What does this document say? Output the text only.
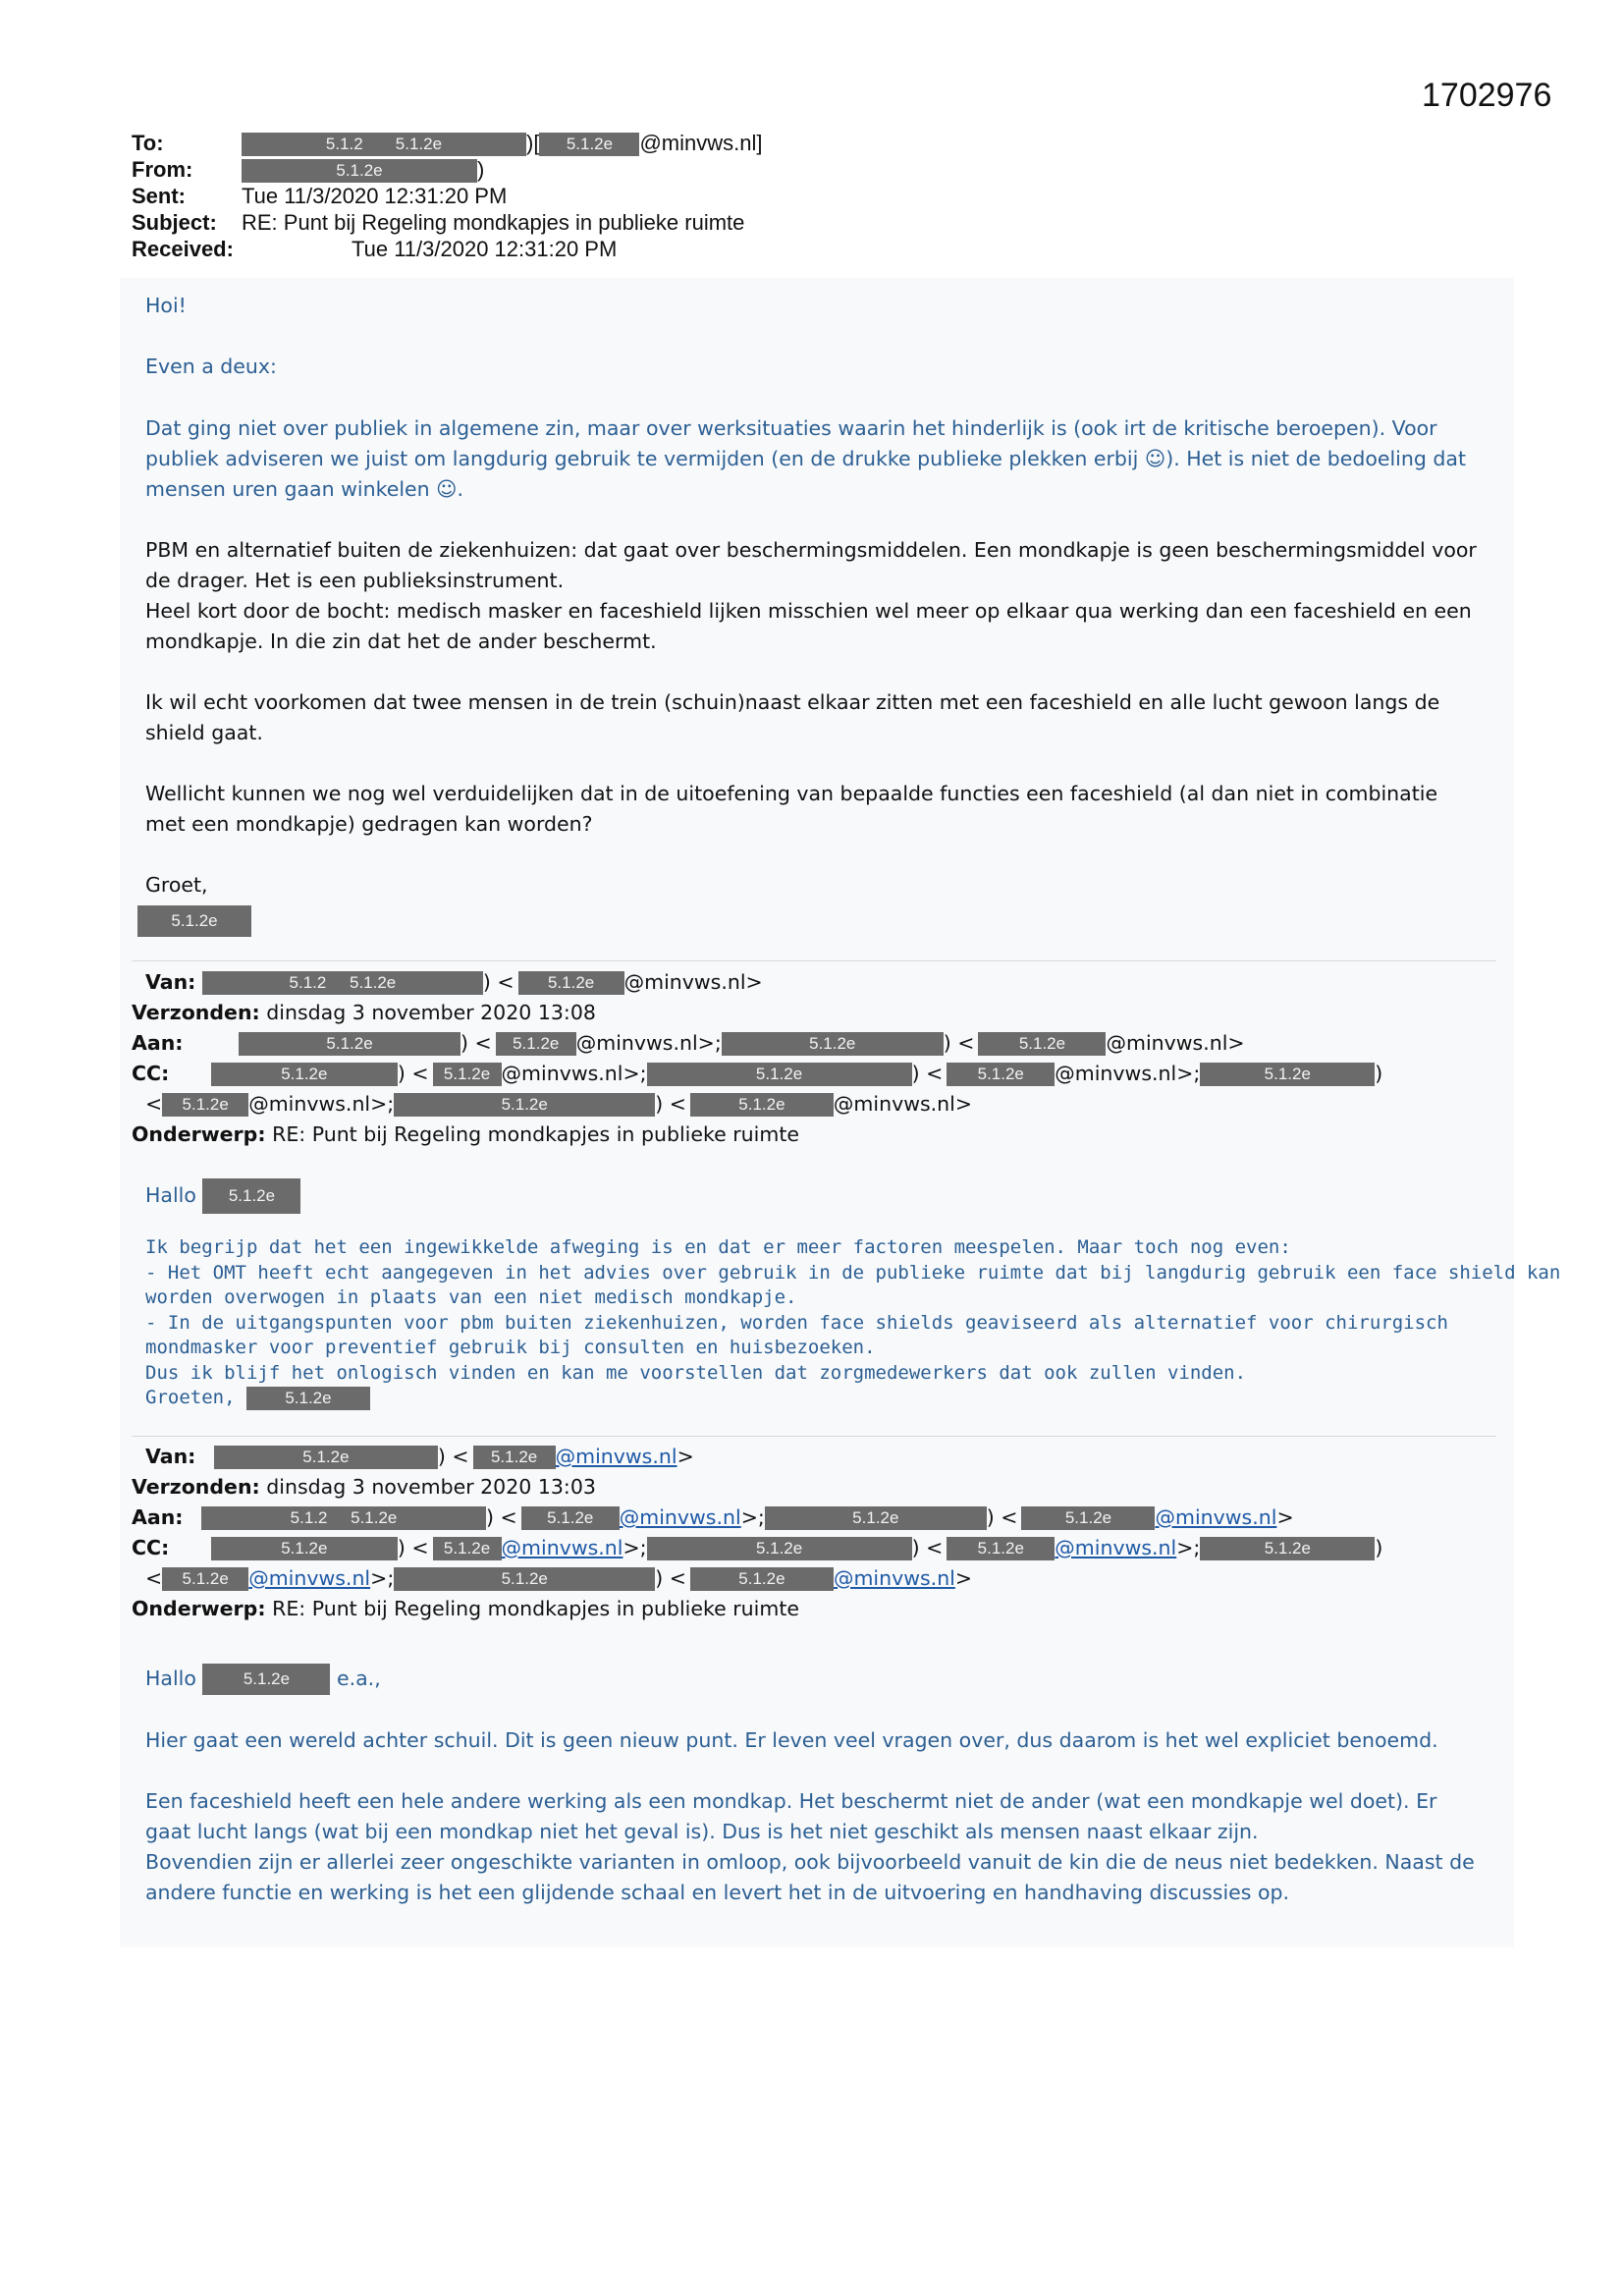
1702976
To:	5.1.2 5.1.2e	)[ 5.1.2e @minvws.nl]
From:	5.1.2e	)
Sent:	Tue 11/3/2020 12:31:20 PM
Subject: RE: Punt bij Regeling mondkapjes in publieke ruimte
Received:	Tue 11/3/2020 12:31:20 PM
Hoi!
Even a deux:
Dat ging niet over publiek in algemene zin, maar over werksituaties waarin het hinderlijk is (ook irt de kritische beroepen). Voor
publiek adviseren we juist om langdurig gebruik te vermijden (en de drukke publieke plekken erbij ☺). Het is niet de bedoeling dat
mensen uren gaan winkelen ☺.
PBM en alternatief buiten de ziekenhuizen: dat gaat over beschermingsmiddelen. Een mondkapje is geen beschermingsmiddel voor
de drager. Het is een publieksinstrument.
Heel kort door de bocht: medisch masker en faceshield lijken misschien wel meer op elkaar qua werking dan een faceshield en een
mondkapje. In die zin dat het de ander beschermt.
Ik wil echt voorkomen dat twee mensen in de trein (schuin)naast elkaar zitten met een faceshield en alle lucht gewoon langs de
shield gaat.
Wellicht kunnen we nog wel verduidelijken dat in de uitoefening van bepaalde functies een faceshield (al dan niet in combinatie
met een mondkapje) gedragen kan worden?
Groet,
5.1.2e
Van:	5.1.2 5.1.2e	) < 5.1.2e @minvws.nl>
Verzonden: dinsdag 3 november 2020 13:08
Aan:	5.1.2e	) < 5.1.2e @minvws.nl>;	5.1.2e	) <	5.1.2e @minvws.nl>
CC:	5.1.2e	) < 5.1.2e @minvws.nl>;	5.1.2e	) < 5.1.2e @minvws.nl>;	5.1.2e	)
< 5.1.2e @minvws.nl>;	5.1.2e	) <	5.1.2e @minvws.nl>
Onderwerp: RE: Punt bij Regeling mondkapjes in publieke ruimte
Hallo 5.1.2e
Ik begrijp dat het een ingewikkelde afweging is en dat er meer factoren meespelen. Maar toch nog even:
- Het OMT heeft echt aangegeven in het advies over gebruik in de publieke ruimte dat bij langdurig gebruik een face shield kan
worden overwogen in plaats van een niet medisch mondkapje.
- In de uitgangspunten voor pbm buiten ziekenhuizen, worden face shields geaviseerd als alternatief voor chirurgisch
mondmasker voor preventief gebruik bij consulten en huisbezoeken.
Dus ik blijf het onlogisch vinden en kan me voorstellen dat zorgmedewerkers dat ook zullen vinden.
Groeten,	5.1.2e
Van:	5.1.2e	) < 5.1.2e @minvws.nl>
Verzonden: dinsdag 3 november 2020 13:03
Aan:	5.1.2 5.1.2e	) < 5.1.2e @minvws.nl>;	5.1.2e	) <	5.1.2e @minvws.nl>
CC:	5.1.2e	) < 5.1.2e @minvws.nl>;	5.1.2e	) < 5.1.2e @minvws.nl>;	5.1.2e	)
< 5.1.2e @minvws.nl>;	5.1.2e	) <	5.1.2e @minvws.nl>
Onderwerp: RE: Punt bij Regeling mondkapjes in publieke ruimte
Hallo	5.1.2e e.a.,
Hier gaat een wereld achter schuil. Dit is geen nieuw punt. Er leven veel vragen over, dus daarom is het wel expliciet benoemd.
Een faceshield heeft een hele andere werking als een mondkap. Het beschermt niet de ander (wat een mondkapje wel doet). Er
gaat lucht langs (wat bij een mondkap niet het geval is). Dus is het niet geschikt als mensen naast elkaar zijn.
Bovendien zijn er allerlei zeer ongeschikte varianten in omloop, ook bijvoorbeeld vanuit de kin die de neus niet bedekken. Naast de
andere functie en werking is het een glijdende schaal en levert het in de uitvoering en handhaving discussies op.
